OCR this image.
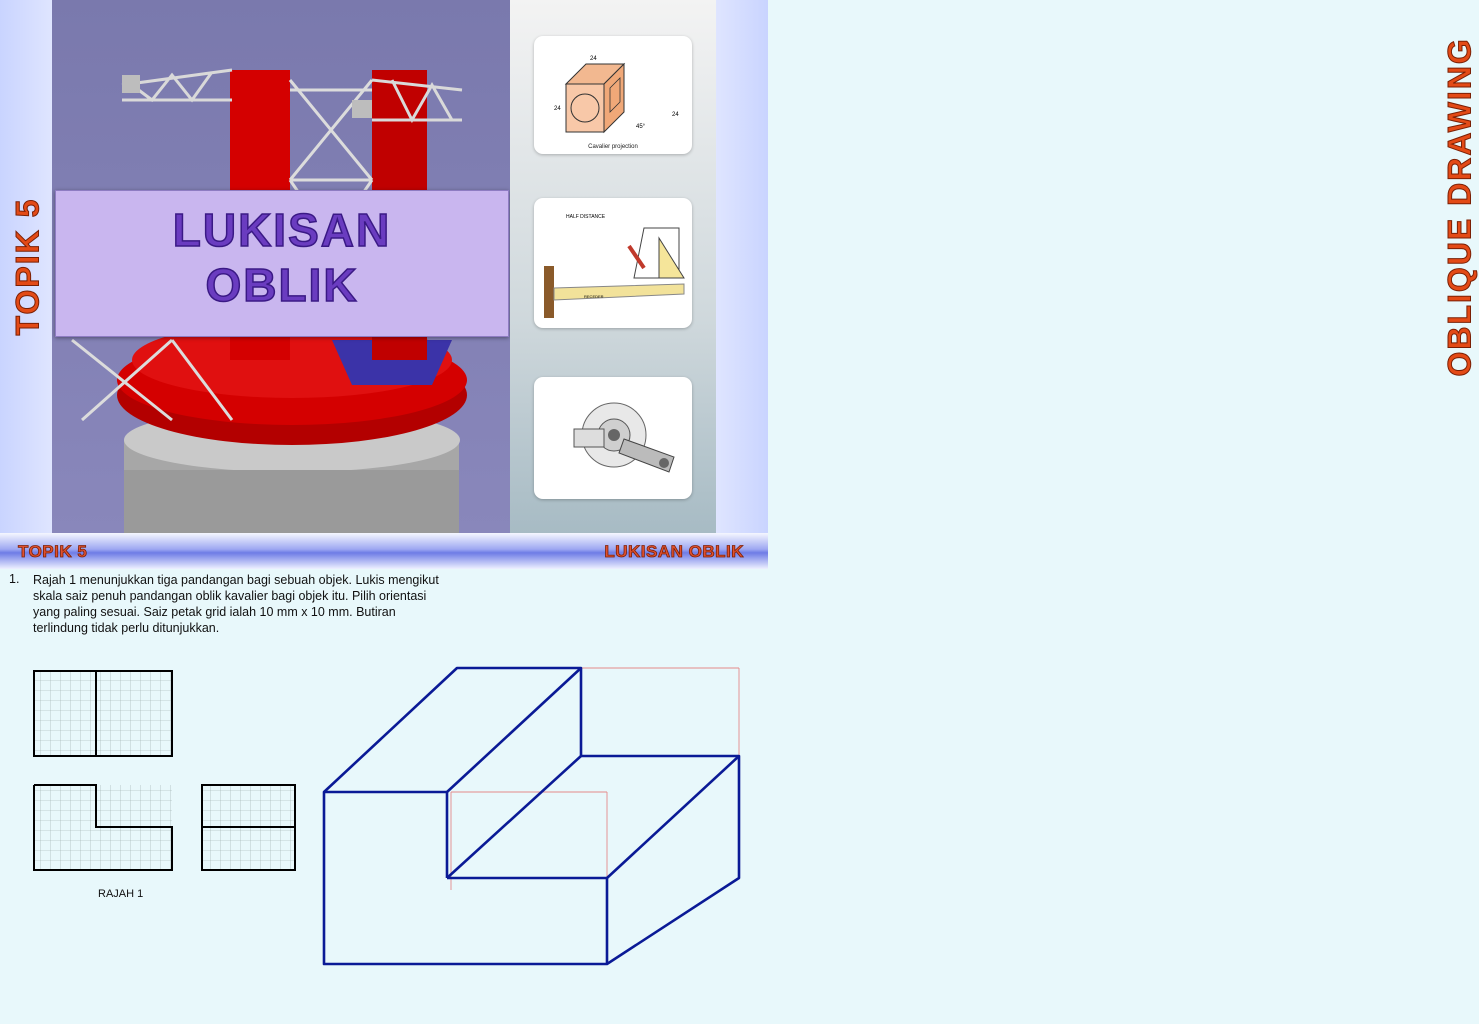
TOPIK 5	LUKISAN
OBLIK
24
24
24
45°
Cavalier projection
HALF DISTANCE
RECEDER	OBLIQUE DRAWING
TOPIK 5	LUKISAN OBLIK
1. Rajah 1 menunjukkan tiga pandangan bagi sebuah objek. Lukis mengikut skala saiz penuh pandangan oblik kavalier bagi objek itu. Pilih orientasi yang paling sesuai. Saiz petak grid ialah 10 mm x 10 mm. Butiran terlindung tidak perlu ditunjukkan.
RAJAH 1
